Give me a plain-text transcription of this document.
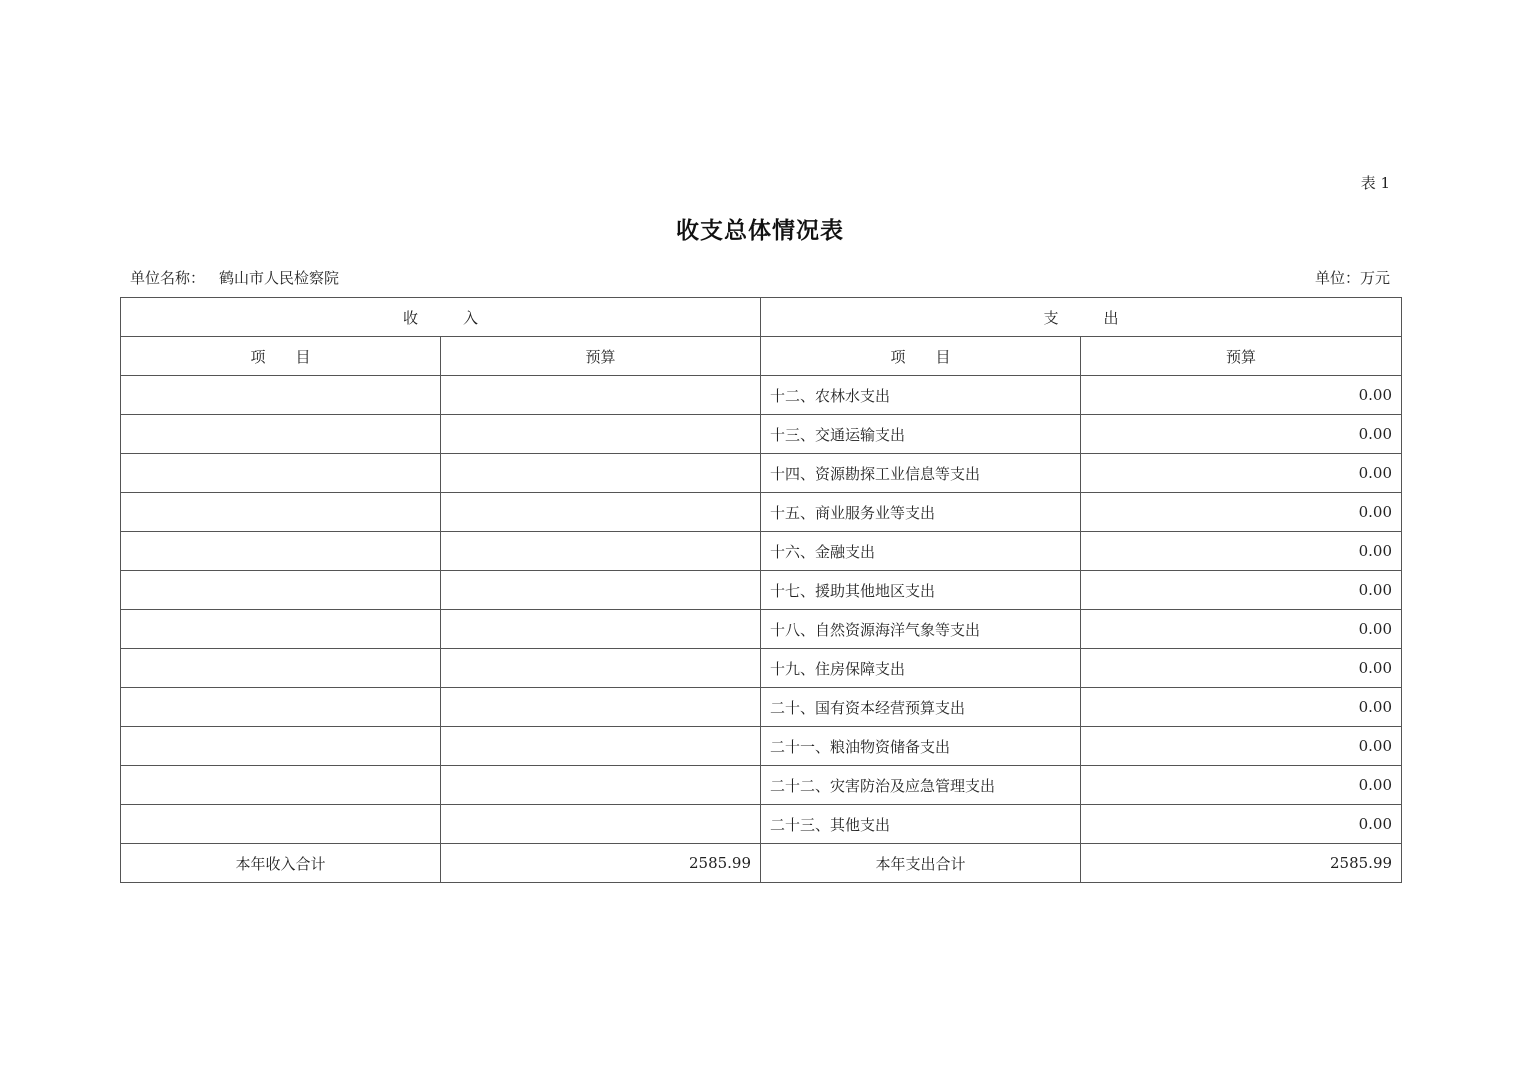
表 1
收支总体情况表
单位名称： 鹤山市人民检察院	单位：万元
收　　　入		支　　　出	
项　　目	预算	项　　目	预算
		十二、农林水支出	0.00
		十三、交通运输支出	0.00
		十四、资源勘探工业信息等支出	0.00
		十五、商业服务业等支出	0.00
		十六、金融支出	0.00
		十七、援助其他地区支出	0.00
		十八、自然资源海洋气象等支出	0.00
		十九、住房保障支出	0.00
		二十、国有资本经营预算支出	0.00
		二十一、粮油物资储备支出	0.00
		二十二、灾害防治及应急管理支出	0.00
		二十三、其他支出	0.00
本年收入合计	2585.99	本年支出合计	2585.99
